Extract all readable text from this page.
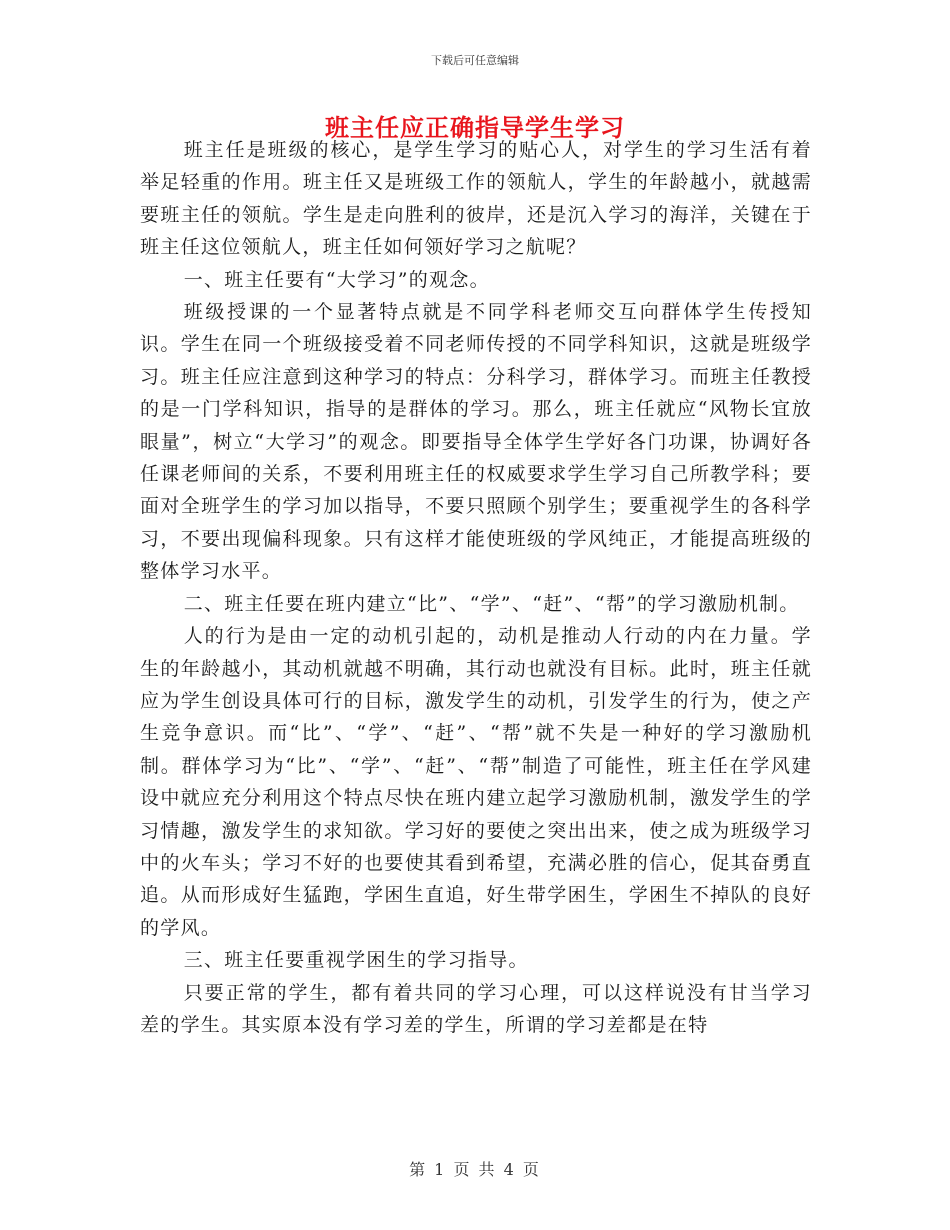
下载后可任意编辑
班主任应正确指导学生学习

班主任是班级的核心，是学生学习的贴心人，对学生的学习生活有着举足轻重的作用。班主任又是班级工作的领航人，学生的年龄越小，就越需要班主任的领航。学生是走向胜利的彼岸，还是沉入学习的海洋，关键在于班主任这位领航人，班主任如何领好学习之航呢？

一、班主任要有“大学习”的观念。

班级授课的一个显著特点就是不同学科老师交互向群体学生传授知识。学生在同一个班级接受着不同老师传授的不同学科知识，这就是班级学习。班主任应注意到这种学习的特点：分科学习，群体学习。而班主任教授的是一门学科知识，指导的是群体的学习。那么，班主任就应“风物长宜放眼量”，树立“大学习”的观念。即要指导全体学生学好各门功课，协调好各任课老师间的关系，不要利用班主任的权威要求学生学习自己所教学科；要面对全班学生的学习加以指导，不要只照顾个别学生；要重视学生的各科学习，不要出现偏科现象。只有这样才能使班级的学风纯正，才能提高班级的整体学习水平。

二、班主任要在班内建立“比”、“学”、“赶”、“帮”的学习激励机制。

人的行为是由一定的动机引起的，动机是推动人行动的内在力量。学生的年龄越小，其动机就越不明确，其行动也就没有目标。此时，班主任就应为学生创设具体可行的目标，激发学生的动机，引发学生的行为，使之产生竞争意识。而“比”、“学”、“赶”、“帮”就不失是一种好的学习激励机制。群体学习为“比”、“学”、“赶”、“帮”制造了可能性，班主任在学风建设中就应充分利用这个特点尽快在班内建立起学习激励机制，激发学生的学习情趣，激发学生的求知欲。学习好的要使之突出出来，使之成为班级学习中的火车头；学习不好的也要使其看到希望，充满必胜的信心，促其奋勇直追。从而形成好生猛跑，学困生直追，好生带学困生，学困生不掉队的良好的学风。

三、班主任要重视学困生的学习指导。

只要正常的学生，都有着共同的学习心理，可以这样说没有甘当学习差的学生。其实原本没有学习差的学生，所谓的学习差都是在特

第 1 页 共 4 页
